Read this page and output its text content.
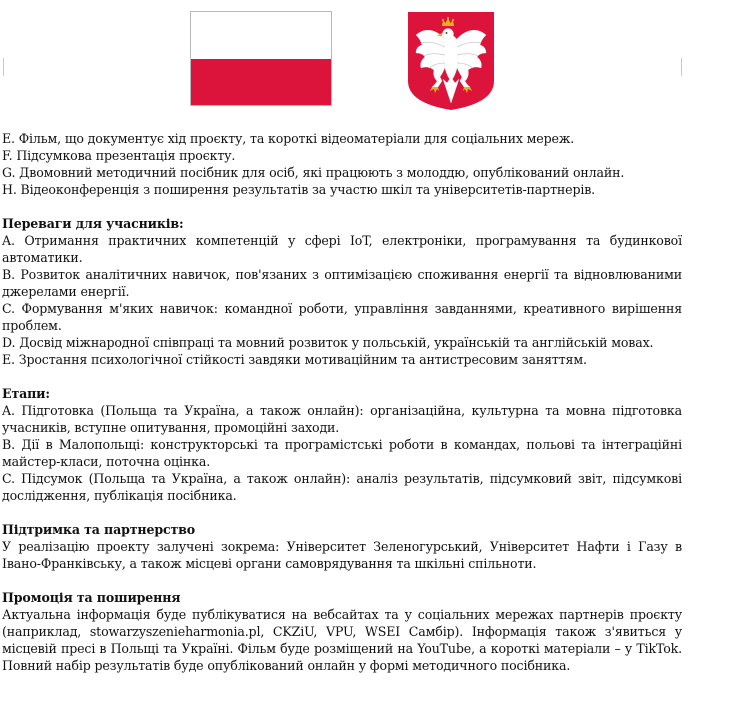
E. Фільм, що документує хід проєкту, та короткі відеоматеріали для соціальних мереж.

F. Підсумкова презентація проєкту.

G. Двомовний методичний посібник для осіб, які працюють з молоддю, опублікований онлайн.

H. Відеоконференція з поширення результатів за участю шкіл та університетів-партнерів.

Переваги для учасників:

A. Отримання практичних компетенцій у сфері IoT, електроніки, програмування та будинкової автоматики.

B. Розвиток аналітичних навичок, пов'язаних з оптимізацією споживання енергії та відновлюваними джерелами енергії.

C. Формування м'яких навичок: командної роботи, управління завданнями, креативного вирішення проблем.

D. Досвід міжнародної співпраці та мовний розвиток у польській, українській та англійській мовах.

E. Зростання психологічної стійкості завдяки мотиваційним та антистресовим заняттям.

Етапи:

A. Підготовка (Польща та Україна, а також онлайн): організаційна, культурна та мовна підготовка учасників, вступне опитування, промоційні заходи.

B. Дії в Малопольщі: конструкторські та програмістські роботи в командах, польові та інтеграційні майстер-класи, поточна оцінка.

C. Підсумок (Польща та Україна, а також онлайн): аналіз результатів, підсумковий звіт, підсумкові дослідження, публікація посібника.

Підтримка та партнерство

У реалізацію проекту залучені зокрема: Університет Зеленогурський, Університет Нафти і Газу в Івано-Франківську, а також місцеві органи самоврядування та шкільні спільноти.

Промоція та поширення

Актуальна інформація буде публікуватися на вебсайтах та у соціальних мережах партнерів проєкту (наприклад, stowarzyszenieharmonia.pl, CKZiU, VPU, WSEI Самбір). Інформація також з'явиться у місцевій пресі в Польщі та Україні. Фільм буде розміщений на YouTube, а короткі матеріали – у TikTok. Повний набір результатів буде опублікований онлайн у формі методичного посібника.
